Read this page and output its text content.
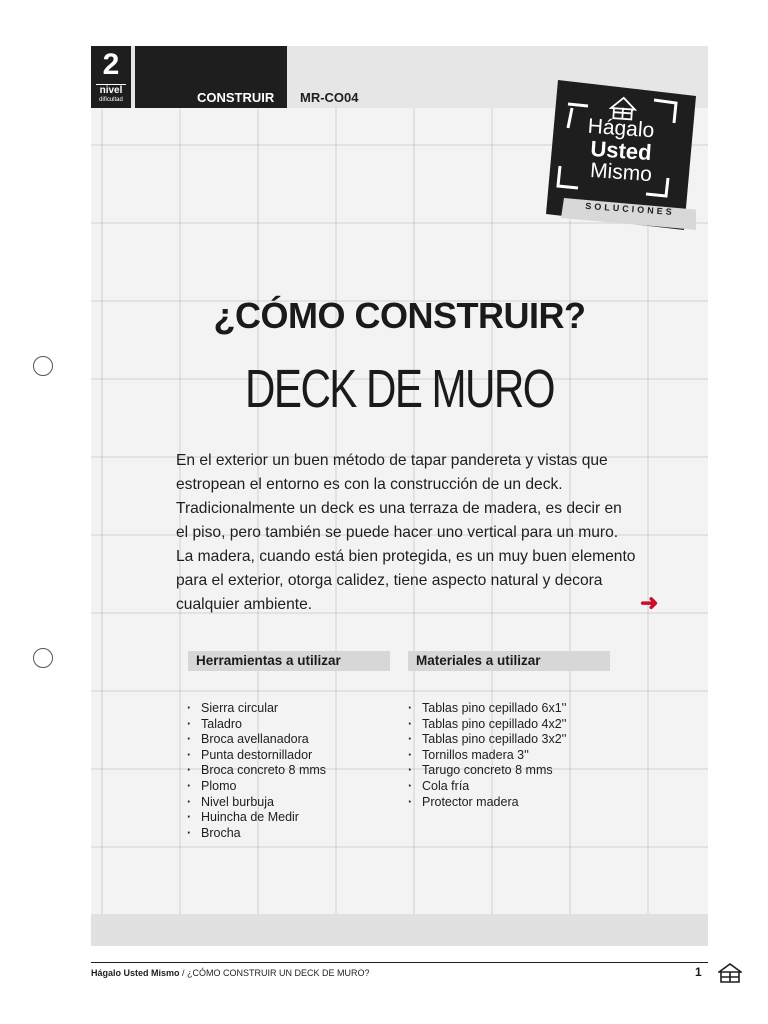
2
nivel
dificultad	CONSTRUIR MR-CO04
Hágalo
Usted
Mismo
SOLUCIONES
¿CÓMO CONSTRUIR?
DECK DE MURO

En el exterior un buen método de tapar pandereta y vistas que estropean el entorno es con la construcción de un deck. Tradicionalmente un deck es una terraza de madera, es decir en el piso, pero también se puede hacer uno vertical para un muro. La madera, cuando está bien protegida, es un muy buen elemento para el exterior, otorga calidez, tiene aspecto natural y decora cualquier ambiente.	➜
Herramientas a utilizar	Materiales a utilizar
· Sierra circular
· Taladro
· Broca avellanadora
· Punta destornillador
· Broca concreto 8 mms
· Plomo
· Nivel burbuja
· Huincha de Medir
· Brocha
· Tablas pino cepillado 6x1''
· Tablas pino cepillado 4x2''
· Tablas pino cepillado 3x2''
· Tornillos madera 3''
· Tarugo concreto 8 mms
· Cola fría
· Protector madera
Hágalo Usted Mismo / ¿CÓMO CONSTRUIR UN DECK DE MURO?	1
